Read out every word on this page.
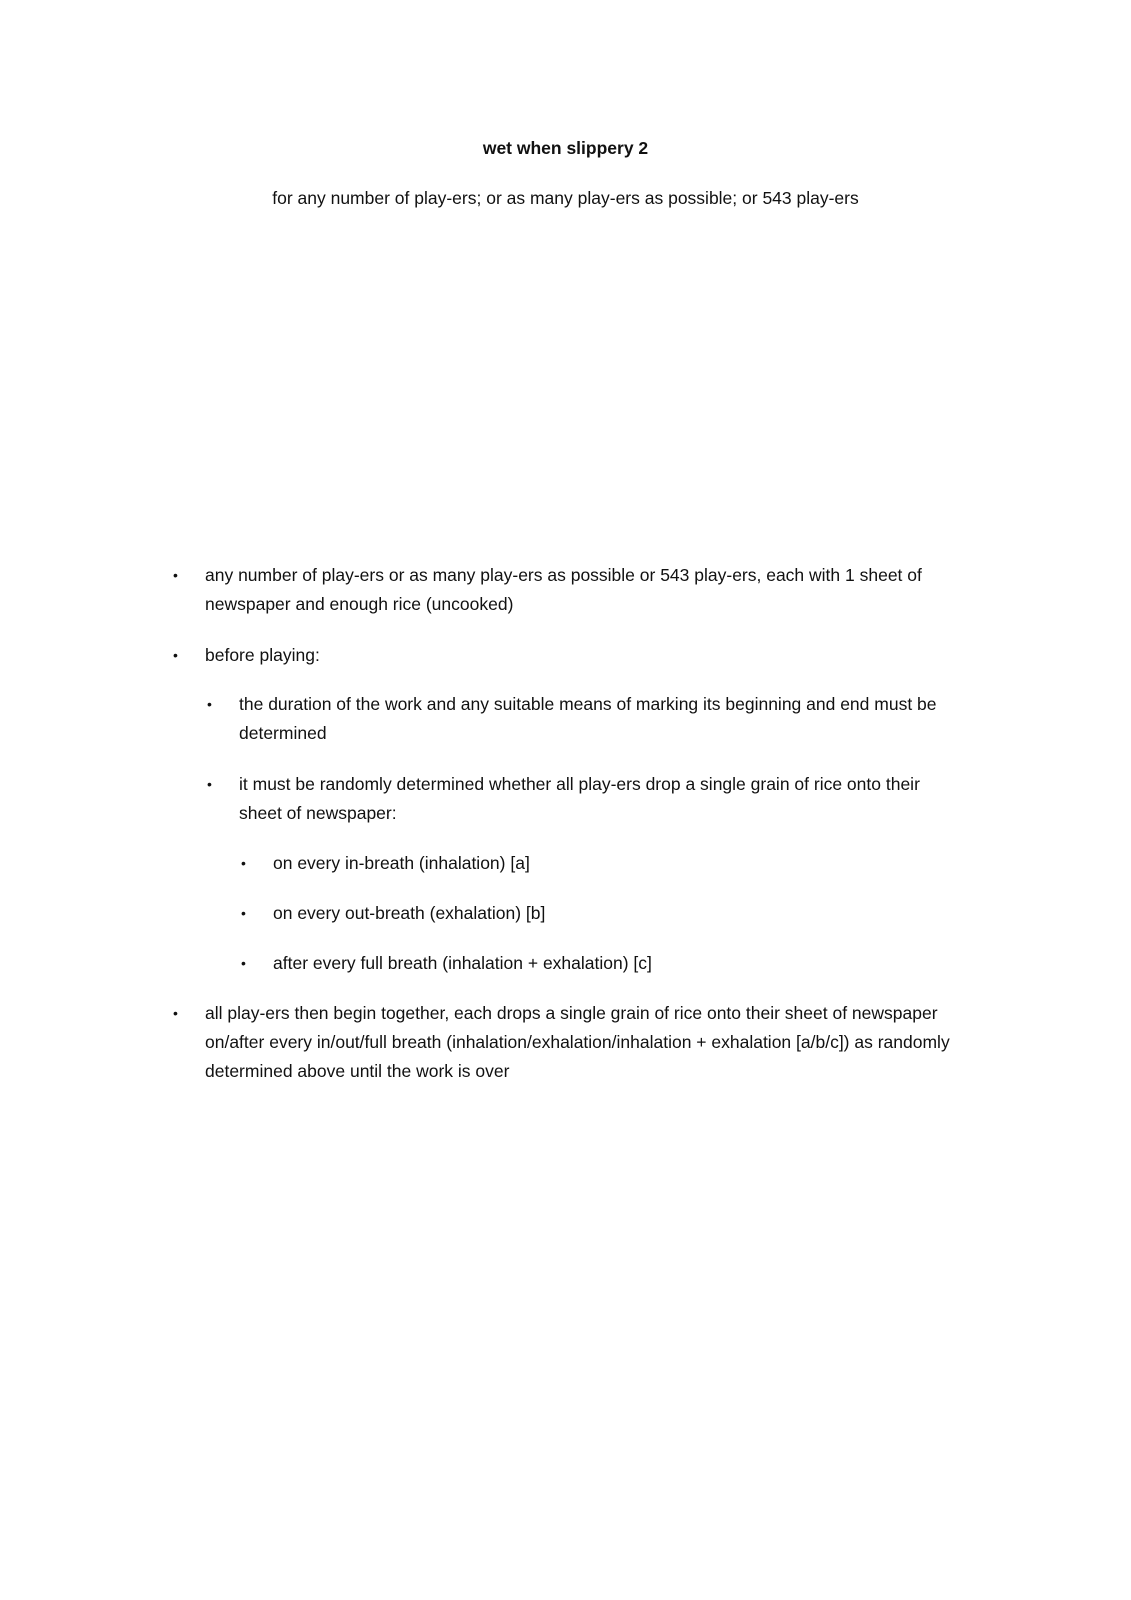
wet when slippery 2
for any number of play-ers; or as many play-ers as possible; or 543 play-ers
• any number of play-ers or as many play-ers as possible or 543 play-ers, each with 1 sheet of newspaper and enough rice (uncooked)
• before playing:
• the duration of the work and any suitable means of marking its beginning and end must be determined
• it must be randomly determined whether all play-ers drop a single grain of rice onto their sheet of newspaper:
• on every in-breath (inhalation) [a]
• on every out-breath (exhalation) [b]
• after every full breath (inhalation + exhalation) [c]
• all play-ers then begin together, each drops a single grain of rice onto their sheet of newspaper on/after every in/out/full breath (inhalation/exhalation/inhalation + exhalation [a/b/c]) as randomly determined above until the work is over
